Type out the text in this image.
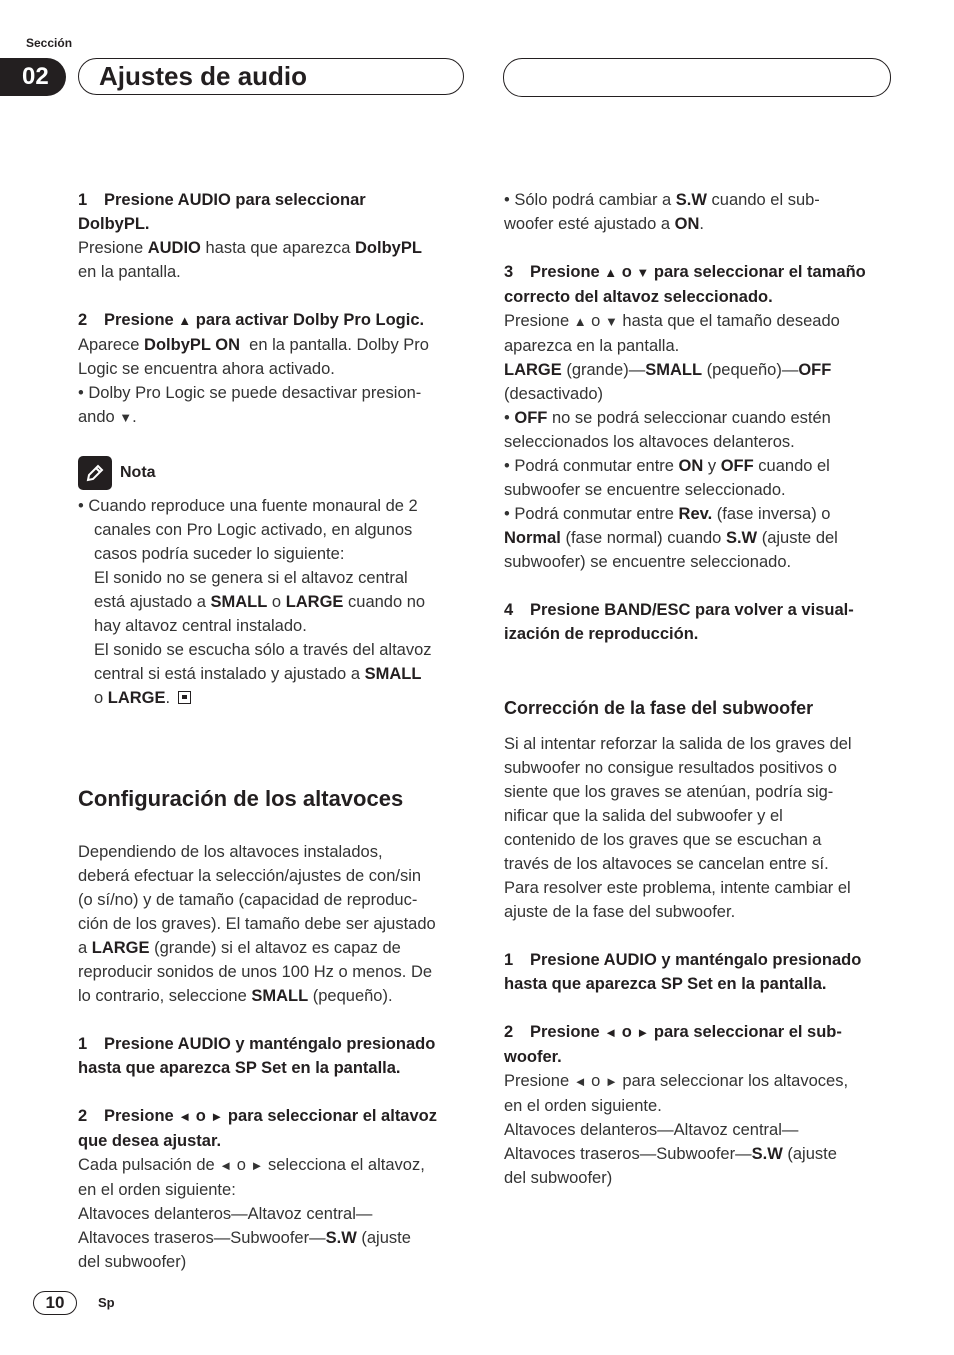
Sección
02	Ajustes de audio

1 Presione AUDIO para seleccionar
DolbyPL.

Presione AUDIO hasta que aparezca DolbyPL
en la pantalla.

2 Presione ▲ para activar Dolby Pro Logic.

Aparece DolbyPL ON  en la pantalla. Dolby Pro
Logic se encuentra ahora activado.

• Dolby Pro Logic se puede desactivar presion-
ando ▼.

Nota

• Cuando reproduce una fuente monaural de 2
canales con Pro Logic activado, en algunos
casos podría suceder lo siguiente:

El sonido no se genera si el altavoz central
está ajustado a SMALL o LARGE cuando no
hay altavoz central instalado.

El sonido se escucha sólo a través del altavoz
central si está instalado y ajustado a SMALL
o LARGE.

Configuración de los altavoces

Dependiendo de los altavoces instalados,
deberá efectuar la selección/ajustes de con/sin
(o sí/no) y de tamaño (capacidad de reproduc-
ción de los graves). El tamaño debe ser ajustado
a LARGE (grande) si el altavoz es capaz de
reproducir sonidos de unos 100 Hz o menos. De
lo contrario, seleccione SMALL (pequeño).

1 Presione AUDIO y manténgalo presionado
hasta que aparezca SP Set en la pantalla.

2 Presione ◄ o ► para seleccionar el altavoz
que desea ajustar.

Cada pulsación de ◄ o ► selecciona el altavoz,
en el orden siguiente:

Altavoces delanteros—Altavoz central—
Altavoces traseros—Subwoofer—S.W (ajuste
del subwoofer)

• Sólo podrá cambiar a S.W cuando el sub-
woofer esté ajustado a ON.

3 Presione ▲ o ▼ para seleccionar el tamaño
correcto del altavoz seleccionado.

Presione ▲ o ▼ hasta que el tamaño deseado
aparezca en la pantalla.

LARGE (grande)—SMALL (pequeño)—OFF
(desactivado)

• OFF no se podrá seleccionar cuando estén
seleccionados los altavoces delanteros.

• Podrá conmutar entre ON y OFF cuando el
subwoofer se encuentre seleccionado.

• Podrá conmutar entre Rev. (fase inversa) o
Normal (fase normal) cuando S.W (ajuste del
subwoofer) se encuentre seleccionado.

4 Presione BAND/ESC para volver a visual-
ización de reproducción.

Corrección de la fase del subwoofer

Si al intentar reforzar la salida de los graves del
subwoofer no consigue resultados positivos o
siente que los graves se atenúan, podría sig-
nificar que la salida del subwoofer y el
contenido de los graves que se escuchan a
través de los altavoces se cancelan entre sí.
Para resolver este problema, intente cambiar el
ajuste de la fase del subwoofer.

1 Presione AUDIO y manténgalo presionado
hasta que aparezca SP Set en la pantalla.

2 Presione ◄ o ► para seleccionar el sub-
woofer.

Presione ◄ o ► para seleccionar los altavoces,
en el orden siguiente.

Altavoces delanteros—Altavoz central—
Altavoces traseros—Subwoofer—S.W (ajuste
del subwoofer)

10	Sp
